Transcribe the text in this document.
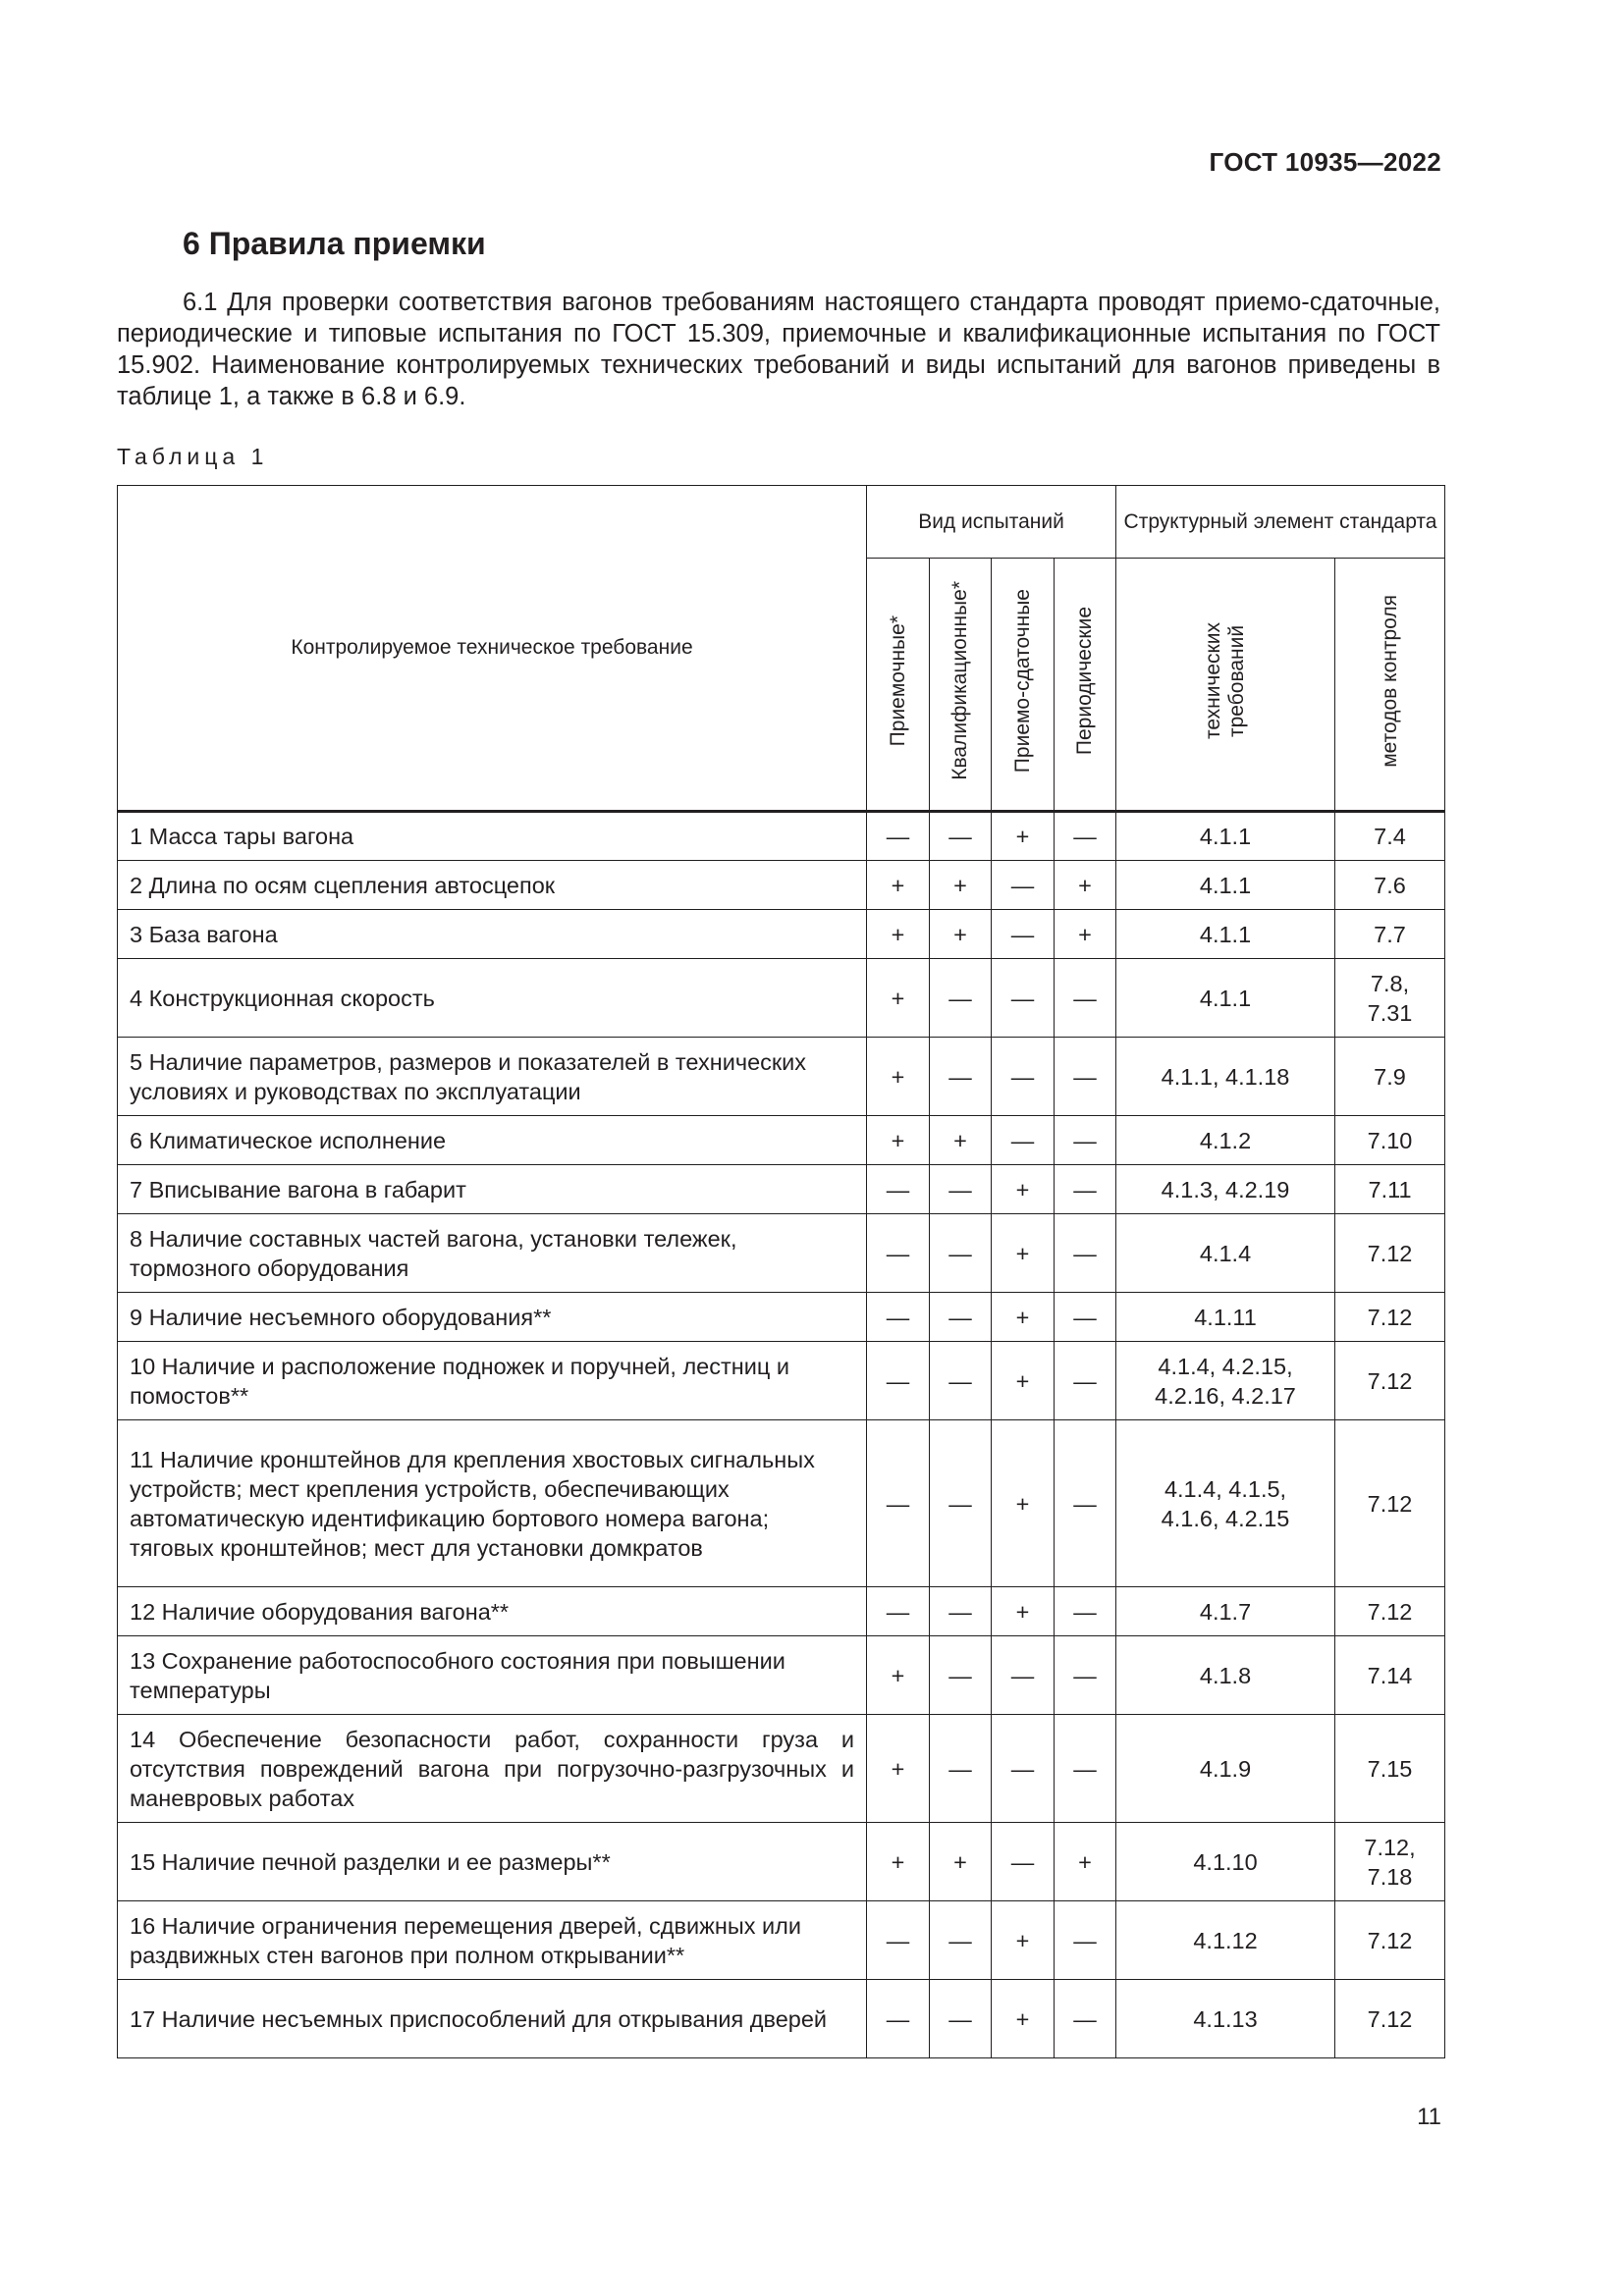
ГОСТ 10935—2022
6 Правила приемки

6.1 Для проверки соответствия вагонов требованиям настоящего стандарта проводят приемо-сдаточные, периодические и типовые испытания по ГОСТ 15.309, приемочные и квалификационные испытания по ГОСТ 15.902. Наименование контролируемых технических требований и виды испытаний для вагонов приведены в таблице 1, а также в 6.8 и 6.9.

Таблица 1
Контролируемое техническое требование	Вид испытаний				Структурный элемент стандарта	
	Приемочные*	Квалификационные*	Приемо-сдаточные	Периодические	технических требований	методов контроля
1 Масса тары вагона	—	—	+	—	4.1.1	7.4
2 Длина по осям сцепления автосцепок	+	+	—	+	4.1.1	7.6
3 База вагона	+	+	—	+	4.1.1	7.7
4 Конструкционная скорость	+	—	—	—	4.1.1	7.8, 7.31
5 Наличие параметров, размеров и показателей в технических условиях и руководствах по эксплуатации	+	—	—	—	4.1.1, 4.1.18	7.9
6 Климатическое исполнение	+	+	—	—	4.1.2	7.10
7 Вписывание вагона в габарит	—	—	+	—	4.1.3, 4.2.19	7.11
8 Наличие составных частей вагона, установки тележек, тормозного оборудования	—	—	+	—	4.1.4	7.12
9 Наличие несъемного оборудования**	—	—	+	—	4.1.11	7.12
10 Наличие и расположение подножек и поручней, лестниц и помостов**	—	—	+	—	4.1.4, 4.2.15, 4.2.16, 4.2.17	7.12
11 Наличие кронштейнов для крепления хвостовых сигнальных устройств; мест крепления устройств, обеспечивающих автоматическую идентификацию бортового номера вагона; тяговых кронштейнов; мест для установки домкратов	—	—	+	—	4.1.4, 4.1.5, 4.1.6, 4.2.15	7.12
12 Наличие оборудования вагона**	—	—	+	—	4.1.7	7.12
13 Сохранение работоспособного состояния при повышении температуры	+	—	—	—	4.1.8	7.14
14 Обеспечение безопасности работ, сохранности груза и отсутствия повреждений вагона при погрузочно-разгрузочных и маневровых работах	+	—	—	—	4.1.9	7.15
15 Наличие печной разделки и ее размеры**	+	+	—	+	4.1.10	7.12, 7.18
16 Наличие ограничения перемещения дверей, сдвижных или раздвижных стен вагонов при полном открывании**	—	—	+	—	4.1.12	7.12
17 Наличие несъемных приспособлений для открывания дверей	—	—	+	—	4.1.13	7.12
11
